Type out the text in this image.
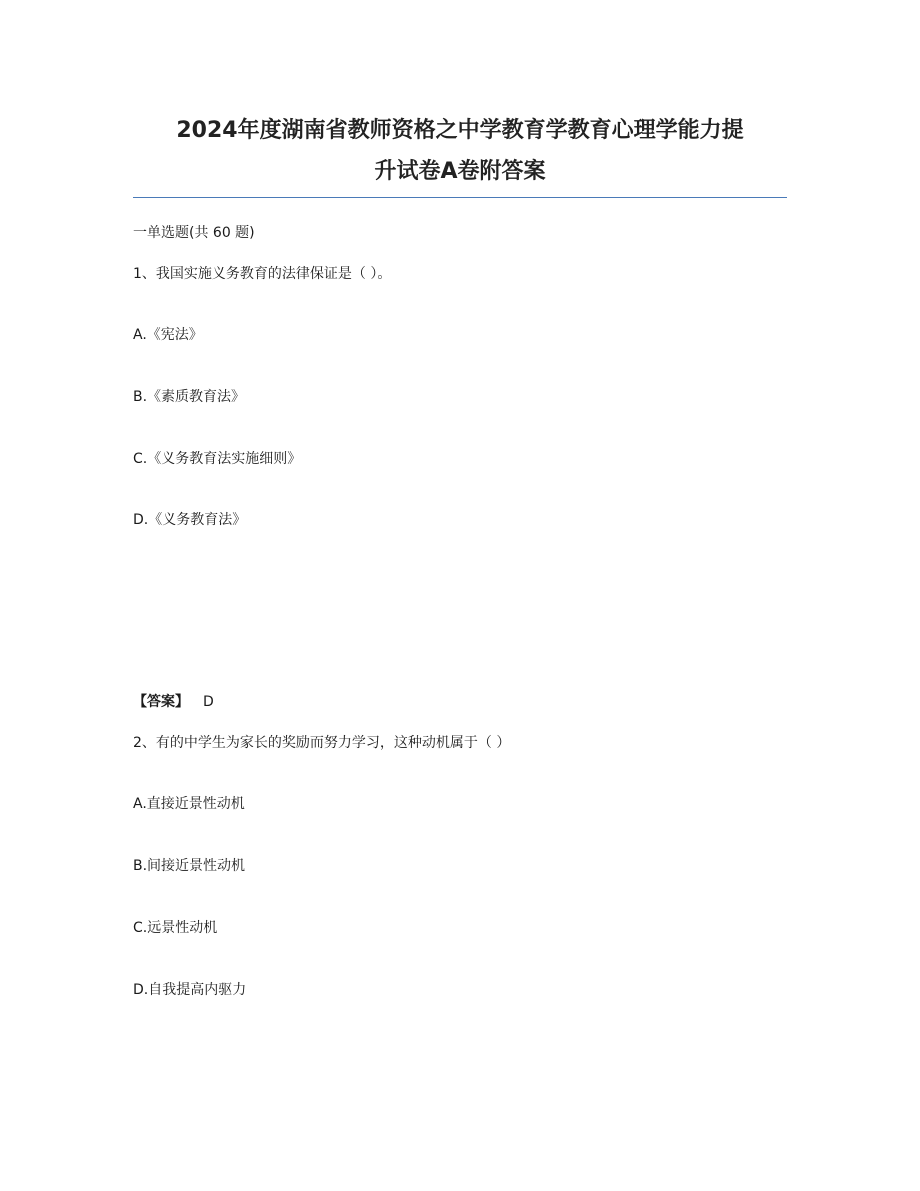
2024年度湖南省教师资格之中学教育学教育心理学能力提
升试卷A卷附答案
一单选题(共 60 题)
1、我国实施义务教育的法律保证是（ ）。
A.《宪法》
B.《素质教育法》
C.《义务教育法实施细则》
D.《义务教育法》
【答案】 D
2、有的中学生为家长的奖励而努力学习，这种动机属于（ ）
A.直接近景性动机
B.间接近景性动机
C.远景性动机
D.自我提高内驱力
